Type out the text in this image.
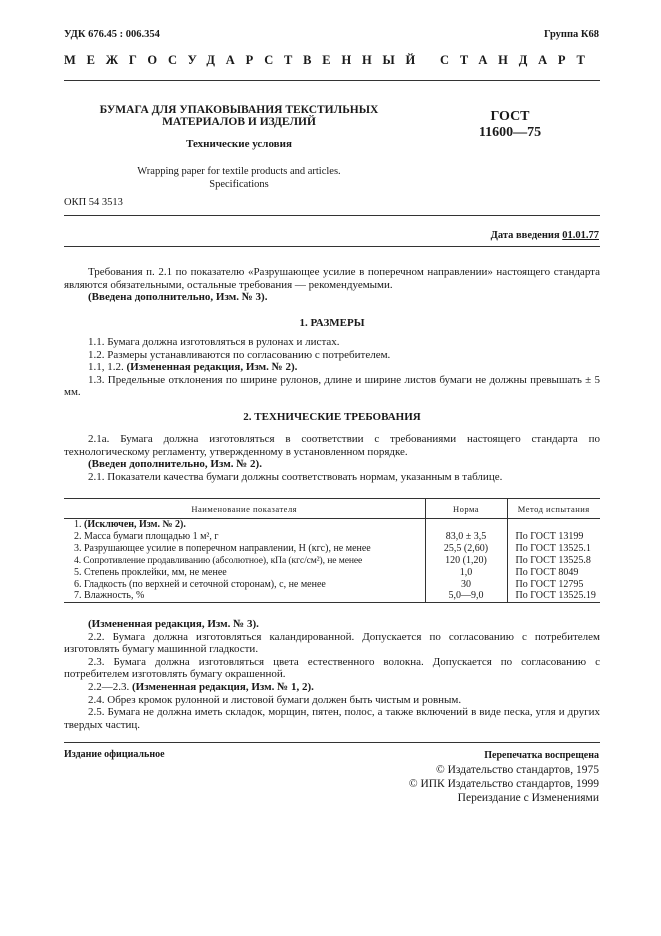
УДК 676.45 : 006.354	Группа К68
МЕЖГОСУДАРСТВЕННЫЙ СТАНДАРТ
БУМАГА ДЛЯ УПАКОВЫВАНИЯ ТЕКСТИЛЬНЫХ
МАТЕРИАЛОВ И ИЗДЕЛИЙ
Технические условия
Wrapping paper for textile products and articles.
Specifications
ГОСТ
11600—75
ОКП 54 3513
Дата введения 01.01.77
Требования п. 2.1 по показателю «Разрушающее усилие в поперечном направлении» настоящего стандарта являются обязательными, остальные требования — рекомендуемыми.
(Введена дополнительно, Изм. № 3).
1. РАЗМЕРЫ
1.1. Бумага должна изготовляться в рулонах и листах.
1.2. Размеры устанавливаются по согласованию с потребителем.
1.1, 1.2. (Измененная редакция, Изм. № 2).
1.3. Предельные отклонения по ширине рулонов, длине и ширине листов бумаги не должны превышать ± 5 мм.
2. ТЕХНИЧЕСКИЕ ТРЕБОВАНИЯ
2.1а. Бумага должна изготовляться в соответствии с требованиями настоящего стандарта по технологическому регламенту, утвержденному в установленном порядке.
(Введен дополнительно, Изм. № 2).
2.1. Показатели качества бумаги должны соответствовать нормам, указанным в таблице.
Наименование показателя	Норма	Метод испытания
1. (Исключен, Изм. № 2).		
2. Масса бумаги площадью 1 м², г	83,0 ± 3,5	По ГОСТ 13199
3. Разрушающее усилие в поперечном направлении, Н (кгс), не менее	25,5 (2,60)	По ГОСТ 13525.1
4. Сопротивление продавливанию (абсолютное), кПа (кгс/см²), не менее	120 (1,20)	По ГОСТ 13525.8
5. Степень проклейки, мм, не менее	1,0	По ГОСТ 8049
6. Гладкость (по верхней и сеточной сторонам), с, не менее	30	По ГОСТ 12795
7. Влажность, %	5,0—9,0	По ГОСТ 13525.19
(Измененная редакция, Изм. № 3).
2.2. Бумага должна изготовляться каландированной. Допускается по согласованию с потребителем изготовлять бумагу машинной гладкости.
2.3. Бумага должна изготовляться цвета естественного волокна. Допускается по согласованию с потребителем изготовлять бумагу окрашенной.
2.2—2.3. (Измененная редакция, Изм. № 1, 2).
2.4. Обрез кромок рулонной и листовой бумаги должен быть чистым и ровным.
2.5. Бумага не должна иметь складок, морщин, пятен, полос, а также включений в виде песка, угля и других твердых частиц.
Издание официальное	Перепечатка воспрещена
© Издательство стандартов, 1975
© ИПК Издательство стандартов, 1999
Переиздание с Изменениями
